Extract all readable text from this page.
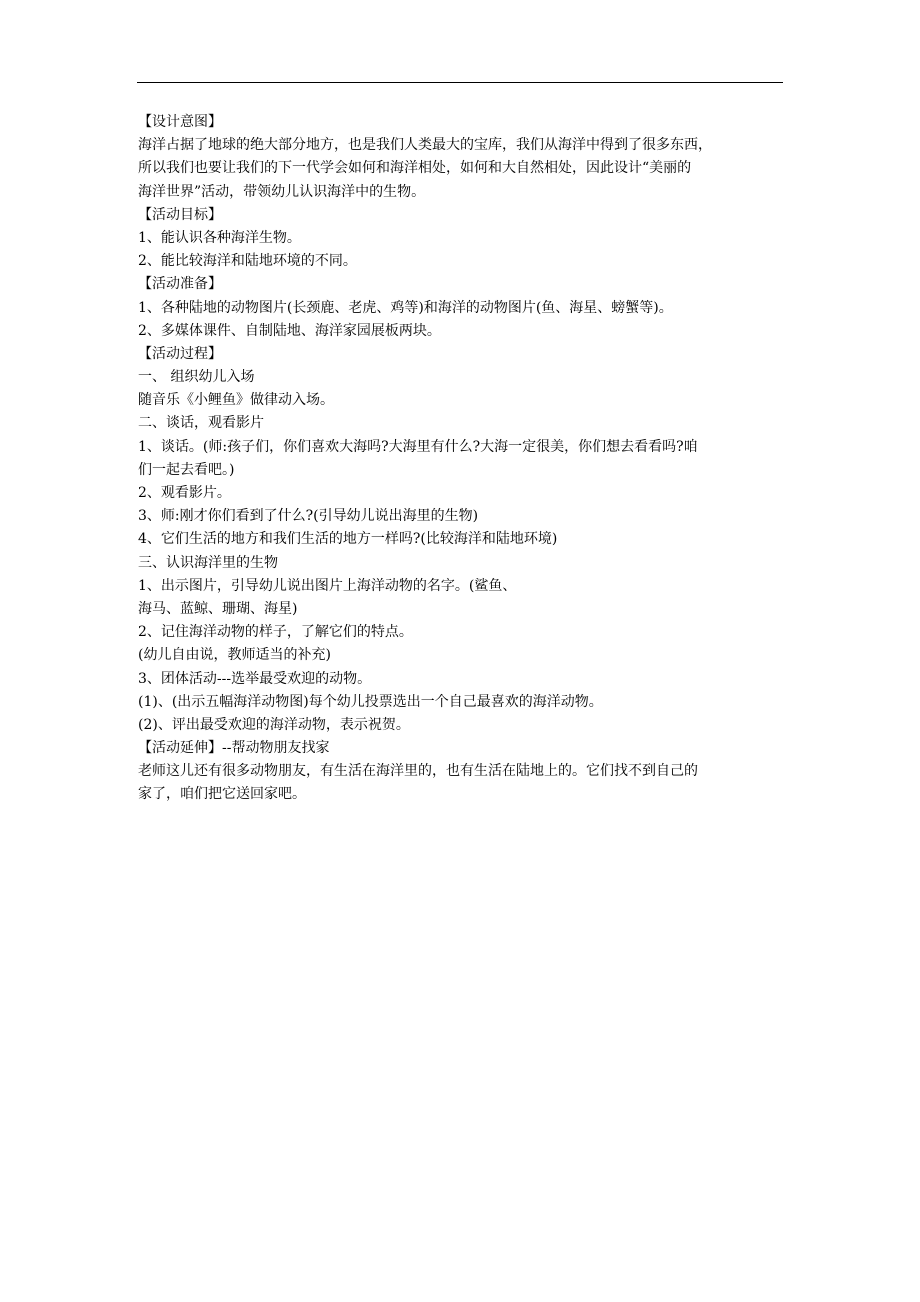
【设计意图】
海洋占据了地球的绝大部分地方，也是我们人类最大的宝库，我们从海洋中得到了很多东西，
所以我们也要让我们的下一代学会如何和海洋相处，如何和大自然相处，因此设计“美丽的
海洋世界”活动，带领幼儿认识海洋中的生物。
【活动目标】
1、能认识各种海洋生物。
2、能比较海洋和陆地环境的不同。
【活动准备】
1、各种陆地的动物图片(长颈鹿、老虎、鸡等)和海洋的动物图片(鱼、海星、螃蟹等)。
2、多媒体课件、自制陆地、海洋家园展板两块。
【活动过程】
一、 组织幼儿入场
随音乐《小鲤鱼》做律动入场。
二、谈话，观看影片
1、谈话。(师:孩子们，你们喜欢大海吗?大海里有什么?大海一定很美，你们想去看看吗?咱
们一起去看吧。)
2、观看影片。
3、师:刚才你们看到了什么?(引导幼儿说出海里的生物)
4、它们生活的地方和我们生活的地方一样吗?(比较海洋和陆地环境)
三、认识海洋里的生物
1、出示图片，引导幼儿说出图片上海洋动物的名字。(鲨鱼、
海马、蓝鲸、珊瑚、海星)
2、记住海洋动物的样子，了解它们的特点。
(幼儿自由说，教师适当的补充)
3、团体活动---选举最受欢迎的动物。
(1)、(出示五幅海洋动物图)每个幼儿投票选出一个自己最喜欢的海洋动物。
(2)、评出最受欢迎的海洋动物，表示祝贺。
【活动延伸】--帮动物朋友找家
老师这儿还有很多动物朋友，有生活在海洋里的，也有生活在陆地上的。它们找不到自己的
家了，咱们把它送回家吧。
